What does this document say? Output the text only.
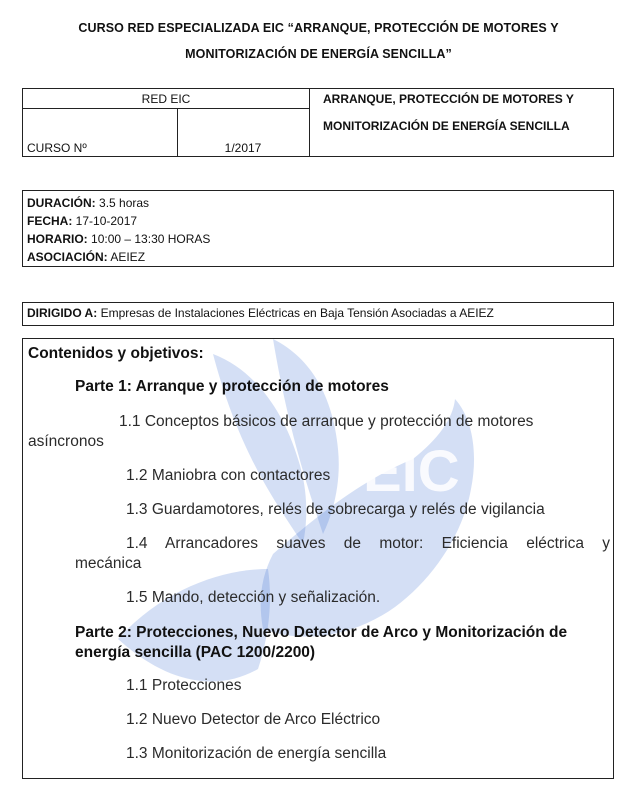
CURSO RED ESPECIALIZADA EIC “ARRANQUE, PROTECCIÓN DE MOTORES Y
MONITORIZACIÓN DE ENERGÍA SENCILLA”
RED EIC
CURSO Nº	1/2017
ARRANQUE, PROTECCIÓN DE MOTORES Y
MONITORIZACIÓN DE ENERGÍA SENCILLA
DURACIÓN: 3.5 horas
FECHA: 17-10-2017
HORARIO: 10:00 – 13:30 HORAS
ASOCIACIÓN: AEIEZ
DIRIGIDO A: Empresas de Instalaciones Eléctricas en Baja Tensión Asociadas a AEIEZ
EIC
Contenidos y objetivos:
Parte 1: Arranque y protección de motores
1.1 Conceptos básicos de arranque y protección de motores
asíncronos
1.2 Maniobra con contactores
1.3 Guardamotores, relés de sobrecarga y relés de vigilancia
1.4 Arrancadores suaves de motor: Eficiencia eléctrica y
mecánica
1.5 Mando, detección y señalización.
Parte 2: Protecciones, Nuevo Detector de Arco y Monitorización de
energía sencilla (PAC 1200/2200)
1.1 Protecciones
1.2 Nuevo Detector de Arco Eléctrico
1.3 Monitorización de energía sencilla
